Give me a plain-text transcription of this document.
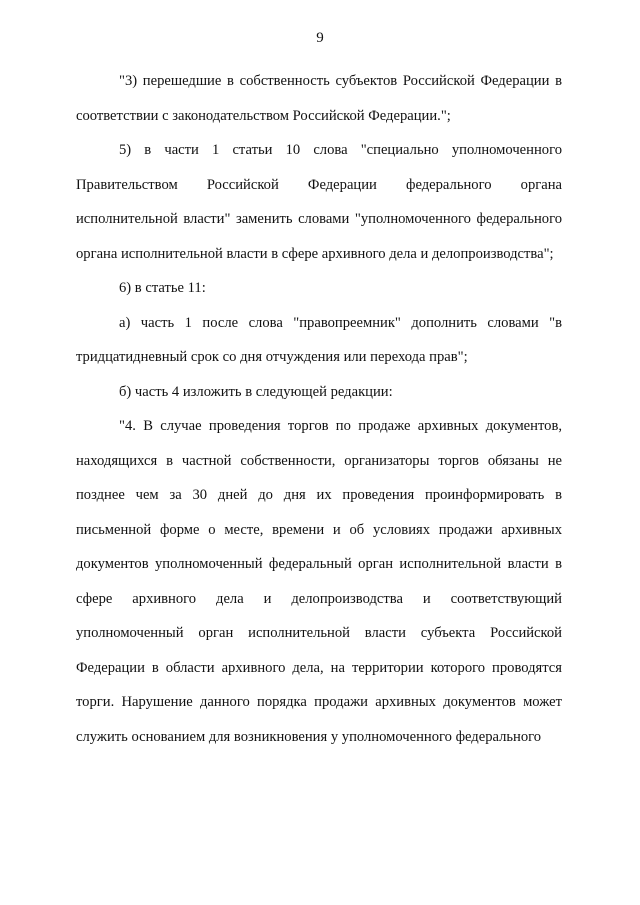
9

"3) перешедшие в собственность субъектов Российской Федерации в соответствии с законодательством Российской Федерации.";

5) в части 1 статьи 10 слова "специально уполномоченного Правительством Российской Федерации федерального органа исполнительной власти" заменить словами "уполномоченного федерального органа исполнительной власти в сфере архивного дела и делопроизводства";

6) в статье 11:

а) часть 1 после слова "правопреемник" дополнить словами "в тридцатидневный срок со дня отчуждения или перехода прав";

б) часть 4 изложить в следующей редакции:

"4. В случае проведения торгов по продаже архивных документов, находящихся в частной собственности, организаторы торгов обязаны не позднее чем за 30 дней до дня их проведения проинформировать в письменной форме о месте, времени и об условиях продажи архивных документов уполномоченный федеральный орган исполнительной власти в сфере архивного дела и делопроизводства и соответствующий уполномоченный орган исполнительной власти субъекта Российской Федерации в области архивного дела, на территории которого проводятся торги. Нарушение данного порядка продажи архивных документов может служить основанием для возникновения у уполномоченного федерального
